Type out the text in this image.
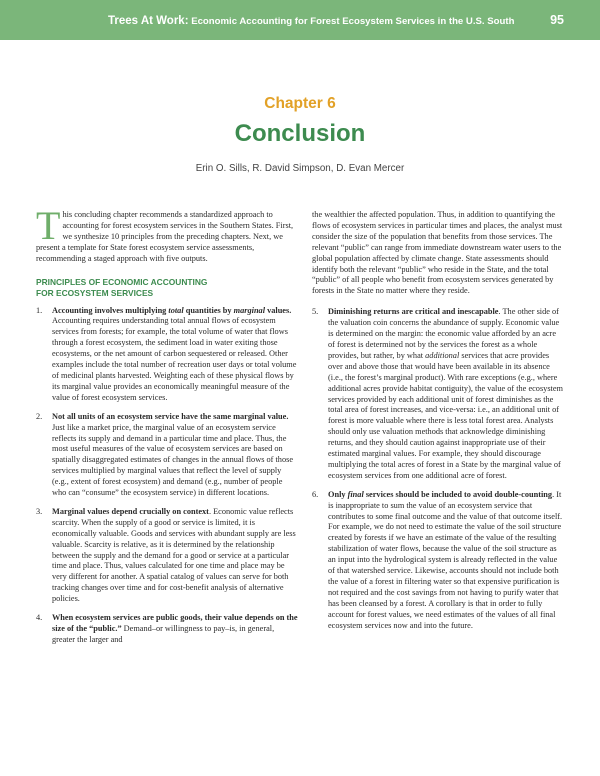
Trees At Work: Economic Accounting for Forest Ecosystem Services in the U.S. South	95
Chapter 6
Conclusion
Erin O. Sills, R. David Simpson, D. Evan Mercer

This concluding chapter recommends a standardized approach to accounting for forest ecosystem services in the Southern States. First, we synthesize 10 principles from the preceding chapters. Next, we present a template for State forest ecosystem service assessments, recommending a staged approach with five outputs.

PRINCIPLES OF ECONOMIC ACCOUNTING
FOR ECOSYSTEM SERVICES
1. Accounting involves multiplying total quantities by marginal values. Accounting requires understanding total annual flows of ecosystem services from forests; for example, the total volume of water that flows through a forest ecosystem, the sediment load in water exiting those ecosystems, or the net amount of carbon sequestered or released. Other examples include the total number of recreation user days or total volume of medicinal plants harvested. Weighting each of these physical flows by its marginal value provides an economically meaningful measure of the value of forest ecosystem services.
2. Not all units of an ecosystem service have the same marginal value. Just like a market price, the marginal value of an ecosystem service reflects its supply and demand in a particular time and place. Thus, the most useful measures of the value of ecosystem services are based on spatially disaggregated estimates of changes in the annual flows of those services multiplied by marginal values that reflect the level of supply (e.g., extent of forest ecosystem) and demand (e.g., number of people who can “consume” the ecosystem service) in different locations.
3. Marginal values depend crucially on context. Economic value reflects scarcity. When the supply of a good or service is limited, it is economically valuable. Goods and services with abundant supply are less valuable. Scarcity is relative, as it is determined by the relationship between the supply and the demand for a good or service at a particular time and place. Thus, values calculated for one time and place may be very different for another. A spatial catalog of values can serve for both tracking changes over time and for cost-benefit analysis of alternative policies.
4. When ecosystem services are public goods, their value depends on the size of the “public.” Demand–or willingness to pay–is, in general, greater the larger and

the wealthier the affected population. Thus, in addition to quantifying the flows of ecosystem services in particular times and places, the analyst must consider the size of the population that benefits from those services. The relevant “public” can range from immediate downstream water users to the global population affected by climate change. State assessments should identify both the relevant “public” who reside in the State, and the total “public” of all people who benefit from ecosystem services generated by forests in the State no matter where they reside.

5. Diminishing returns are critical and inescapable. The other side of the valuation coin concerns the abundance of supply. Economic value is determined on the margin: the economic value afforded by an acre of forest is determined not by the services the forest as a whole provides, but rather, by what additional services that acre provides over and above those that would have been available in its absence (i.e., the forest’s marginal product). With rare exceptions (e.g., where additional acres provide habitat contiguity), the value of the ecosystem services provided by each additional unit of forest diminishes as the total area of forest increases, and vice-versa: i.e., an additional unit of forest is more valuable where there is less total forest area. Analysts should only use valuation methods that acknowledge diminishing returns, and they should caution against inappropriate use of their estimated marginal values. For example, they should discourage multiplying the total acres of forest in a State by the marginal value of ecosystem services from one additional acre of forest.
6. Only final services should be included to avoid double-counting. It is inappropriate to sum the value of an ecosystem service that contributes to some final outcome and the value of that outcome itself. For example, we do not need to estimate the value of the soil structure created by forests if we have an estimate of the value of the resulting stabilization of water flows, because the value of the soil structure as an input into the hydrological system is already reflected in the value of that watershed service. Likewise, accounts should not include both the value of a forest in filtering water so that expensive purification is not required and the cost savings from not having to purify water that has been cleansed by a forest. A corollary is that in order to fully account for forest values, we need estimates of the values of all final ecosystem services now and into the future.
